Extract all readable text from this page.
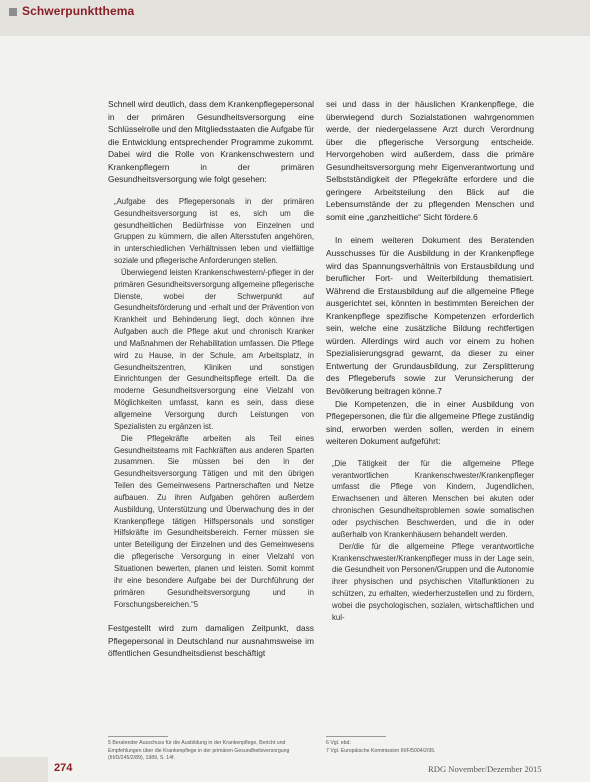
Schwerpunktthema

Schnell wird deutlich, dass dem Krankenpflegepersonal in der primären Gesundheitsversorgung eine Schlüsselrolle und den Mitgliedsstaaten die Aufgabe für die Entwicklung entsprechender Programme zukommt. Dabei wird die Rolle von Krankenschwestern und Krankenpflegern in der primären Gesundheitsversorgung wie folgt gesehen:

„Aufgabe des Pflegepersonals in der primären Gesundheitsversorgung ist es, sich um die gesundheitlichen Bedürfnisse von Einzelnen und Gruppen zu kümmern, die allen Altersstufen angehören, in unterschiedlichen Verhältnissen leben und vielfältige soziale und pflegerische Anforderungen stellen.

Überwiegend leisten Krankenschwestern/-pfleger in der primären Gesundheitsversorgung allgemeine pflegerische Dienste, wobei der Schwerpunkt auf Gesundheitsförderung und -erhalt und der Prävention von Krankheit und Behinderung liegt, doch können ihre Aufgaben auch die Pflege akut und chronisch Kranker und Maßnahmen der Rehabilitation umfassen. Die Pflege wird zu Hause, in der Schule, am Arbeitsplatz, in Gesundheitszentren, Kliniken und sonstigen Einrichtungen der Gesundheitspflege erteilt. Da die moderne Gesundheitsversorgung eine Vielzahl von Möglichkeiten umfasst, kann es sein, dass diese allgemeine Versorgung durch Leistungen von Spezialisten zu ergänzen ist.

Die Pflegekräfte arbeiten als Teil eines Gesundheitsteams mit Fachkräften aus anderen Sparten zusammen. Sie müssen bei den in der Gesundheitsversorgung Tätigen und mit den übrigen Teilen des Gemeinwesens Partnerschaften und Netze aufbauen. Zu ihren Aufgaben gehören außerdem Ausbildung, Unterstützung und Überwachung des in der Krankenpflege tätigen Hilfspersonals und sonstiger Hilfskräfte im Gesundheitsbereich. Ferner müssen sie unter Beteiligung der Einzelnen und des Gemeinwesens die pflegerische Versorgung in einer Vielzahl von Situationen bewerten, planen und leisten. Somit kommt ihr eine besondere Aufgabe bei der Durchführung der primären Gesundheitsversorgung und in Forschungsbereichen.“5

Festgestellt wird zum damaligen Zeitpunkt, dass Pflegepersonal in Deutschland nur ausnahmsweise im öffentlichen Gesundheitsdienst beschäftigt

sei und dass in der häuslichen Krankenpflege, die überwiegend durch Sozialstationen wahrgenommen werde, der niedergelassene Arzt durch Verordnung über die pflegerische Versorgung entscheide. Hervorgehoben wird außerdem, dass die primäre Gesundheitsversorgung mehr Eigenverantwortung und Selbstständigkeit der Pflegekräfte erfordere und die geringere Arbeitsteilung den Blick auf die Lebensumstände der zu pflegenden Menschen und somit eine „ganzheitliche“ Sicht fördere.6

In einem weiteren Dokument des Beratenden Ausschusses für die Ausbildung in der Krankenpflege wird das Spannungsverhältnis von Erstausbildung und beruflicher Fort- und Weiterbildung thematisiert. Während die Erstausbildung auf die allgemeine Pflege ausgerichtet sei, könnten in bestimmten Bereichen der Krankenpflege spezifische Kompetenzen erforderlich sein, welche eine zusätzliche Bildung rechtfertigen würden. Allerdings wird auch vor einem zu hohen Spezialisierungsgrad gewarnt, da dieser zu einer Entwertung der Grundausbildung, zur Zersplitterung des Pflegeberufs sowie zur Verunsicherung der Bevölkerung beitragen könne.7

Die Kompetenzen, die in einer Ausbildung von Pflegepersonen, die für die allgemeine Pflege zuständig sind, erworben werden sollen, werden in einem weiteren Dokument aufgeführt:

„Die Tätigkeit der für die allgemeine Pflege verantwortlichen Krankenschwester/Krankenpfleger umfasst die Pflege von Kindern, Jugendlichen, Erwachsenen und älteren Menschen bei akuten oder chronischen Gesundheitsproblemen sowie somatischen oder psychischen Beschwerden, und die in oder außerhalb von Krankenhäusern behandelt werden.

Der/die für die allgemeine Pflege verantwortliche Krankenschwester/Krankenpfleger muss in der Lage sein, die Gesundheit von Personen/Gruppen und die Autonomie ihrer physischen und psychischen Vitalfunktionen zu schützen, zu erhalten, wiederherzustellen und zu fördern, wobei die psychologischen, sozialen, wirtschaftlichen und kul-

5 Beratender Ausschuss für die Ausbildung in der Krankenpflege, Bericht und Empfehlungen über die Krankenpflege in der primären Gesundheitsversorgung (III/D/245/2/89), 1989, S. 14f.
6 Vgl. ebd.
7 Vgl. Europäische Kommission III/F/5004/2/95.
274	RDG November/Dezember 2015
